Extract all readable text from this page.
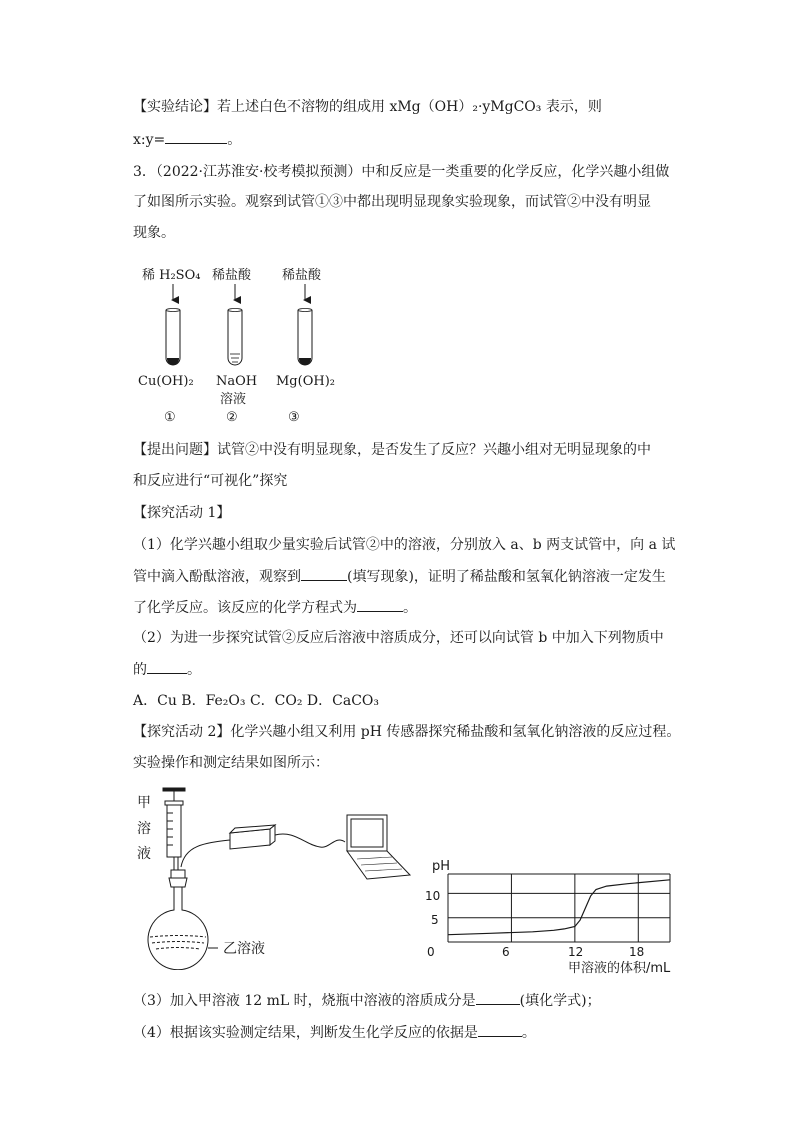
【实验结论】若上述白色不溶物的组成用 xMg（OH）₂·yMgCO₃ 表示，则
x:y=	。
3．（2022·江苏淮安·校考模拟预测）中和反应是一类重要的化学反应，化学兴趣小组做
了如图所示实验。观察到试管①③中都出现明显现象实验现象，而试管②中没有明显
现象。
稀 H₂SO₄ 稀盐酸 稀盐酸
Cu(OH)₂ NaOH
溶液
Mg(OH)₂
①	②	③
【提出问题】试管②中没有明显现象，是否发生了反应？兴趣小组对无明显现象的中
和反应进行“可视化”探究
【探究活动 1】
（1）化学兴趣小组取少量实验后试管②中的溶液，分别放入 a、b 两支试管中，向 a 试
管中滴入酚酞溶液，观察到	(填写现象)，证明了稀盐酸和氢氧化钠溶液一定发生
了化学反应。该反应的化学方程式为	。
（2）为进一步探究试管②反应后溶液中溶质成分，还可以向试管 b 中加入下列物质中
的	。
A．Cu B．Fe₂O₃ C．CO₂ D．CaCO₃
【探究活动 2】化学兴趣小组又利用 pH 传感器探究稀盐酸和氢氧化钠溶液的反应过程。
实验操作和测定结果如图所示：
甲
溶
液
乙溶液
pH
甲溶液的体积/mL
0	6	12	18
5
10
（3）加入甲溶液 12 mL 时，烧瓶中溶液的溶质成分是	(填化学式)；
（4）根据该实验测定结果，判断发生化学反应的依据是	。
